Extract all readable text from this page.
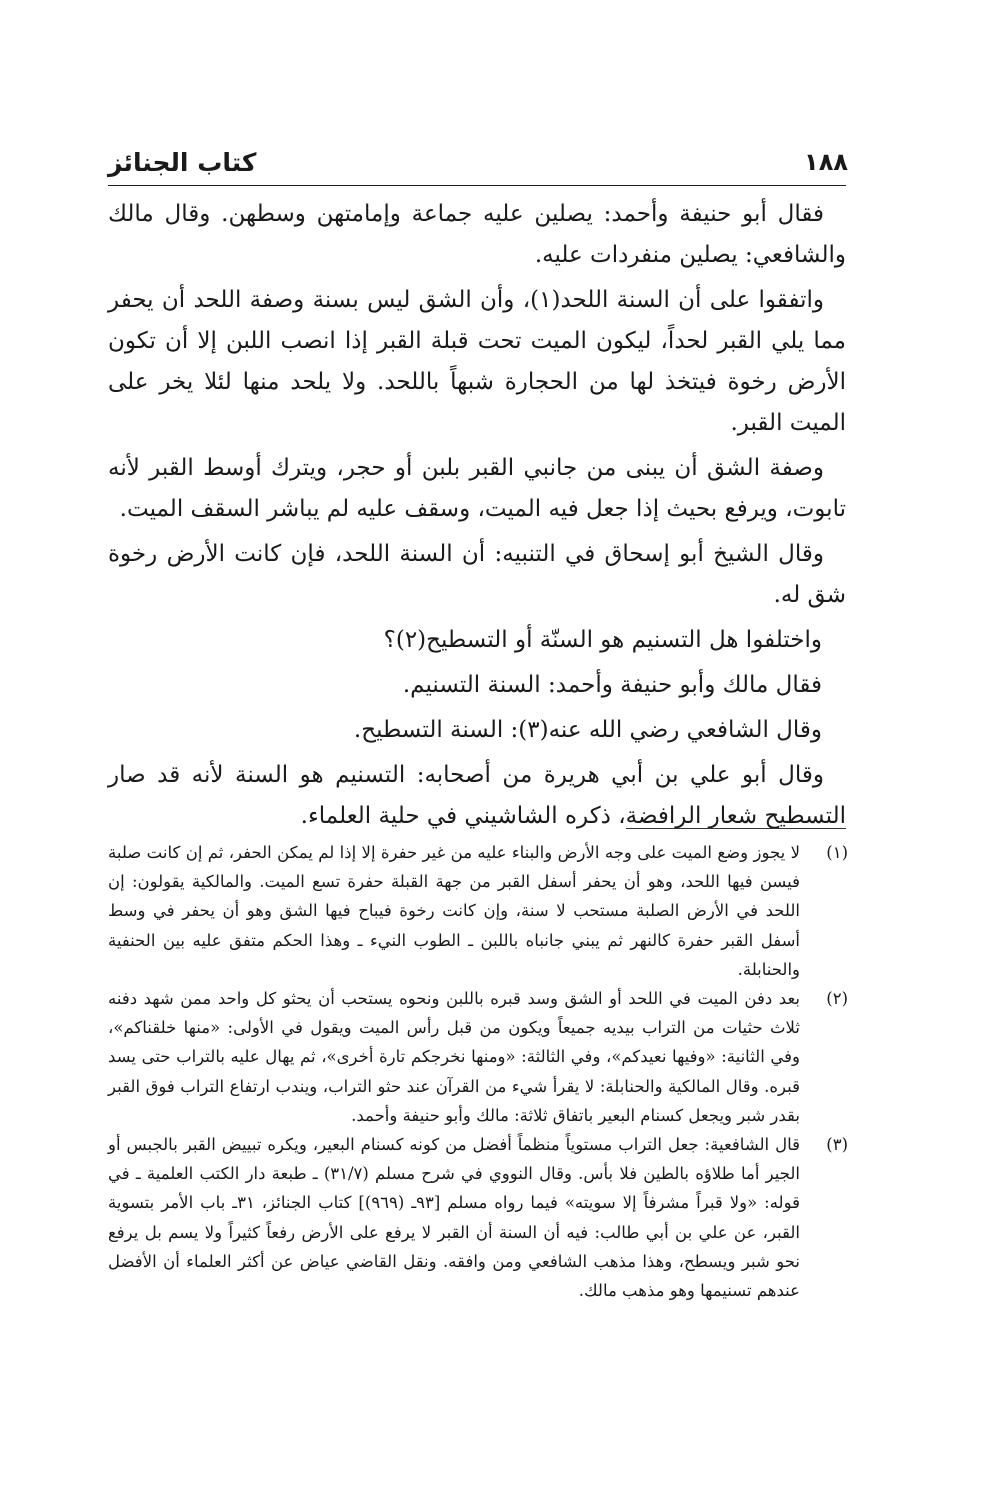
١٨٨
كتاب الجنائز

فقال أبو حنيفة وأحمد: يصلين عليه جماعة وإمامتهن وسطهن. وقال مالك والشافعي: يصلين منفردات عليه.

واتفقوا على أن السنة اللحد(١)، وأن الشق ليس بسنة وصفة اللحد أن يحفر مما يلي القبر لحداً، ليكون الميت تحت قبلة القبر إذا انصب اللبن إلا أن تكون الأرض رخوة فيتخذ لها من الحجارة شبهاً باللحد. ولا يلحد منها لئلا يخر على الميت القبر.

وصفة الشق أن يبنى من جانبي القبر بلبن أو حجر، ويترك أوسط القبر لأنه تابوت، ويرفع بحيث إذا جعل فيه الميت، وسقف عليه لم يباشر السقف الميت.

وقال الشيخ أبو إسحاق في التنبيه: أن السنة اللحد، فإن كانت الأرض رخوة شق له.

واختلفوا هل التسنيم هو السنّة أو التسطيح(٢)؟

فقال مالك وأبو حنيفة وأحمد: السنة التسنيم.

وقال الشافعي رضي الله عنه(٣): السنة التسطيح.

وقال أبو علي بن أبي هريرة من أصحابه: التسنيم هو السنة لأنه قد صار التسطيح شعار الرافضة، ذكره الشاشيني في حلية العلماء.

(١)
لا يجوز وضع الميت على وجه الأرض والبناء عليه من غير حفرة إلا إذا لم يمكن الحفر، ثم إن كانت صلبة فيسن فيها اللحد، وهو أن يحفر أسفل القبر من جهة القبلة حفرة تسع الميت. والمالكية يقولون: إن اللحد في الأرض الصلبة مستحب لا سنة، وإن كانت رخوة فيباح فيها الشق وهو أن يحفر في وسط أسفل القبر حفرة كالنهر ثم يبني جانباه باللبن ـ الطوب النيء ـ وهذا الحكم متفق عليه بين الحنفية والحنابلة.
(٢)
بعد دفن الميت في اللحد أو الشق وسد قبره باللبن ونحوه يستحب أن يحثو كل واحد ممن شهد دفنه ثلاث حثيات من التراب بيديه جميعاً ويكون من قبل رأس الميت ويقول في الأولى: «منها خلقناكم»، وفي الثانية: «وفيها نعيدكم»، وفي الثالثة: «ومنها نخرجكم تارة أخرى»، ثم يهال عليه بالتراب حتى يسد قبره. وقال المالكية والحنابلة: لا يقرأ شيء من القرآن عند حثو التراب، ويندب ارتفاع التراب فوق القبر بقدر شبر ويجعل كسنام البعير باتفاق ثلاثة: مالك وأبو حنيفة وأحمد.
(٣)
قال الشافعية: جعل التراب مستوياً منظماً أفضل من كونه كسنام البعير، ويكره تبييض القبر بالجبس أو الجير أما طلاؤه بالطين فلا بأس. وقال النووي في شرح مسلم (٣١/٧) ـ طبعة دار الكتب العلمية ـ في قوله: «ولا قبراً مشرفاً إلا سويته» فيما رواه مسلم [٩٣ـ (٩٦٩)] كتاب الجنائز، ٣١ـ باب الأمر بتسوية القبر، عن علي بن أبي طالب: فيه أن السنة أن القبر لا يرفع على الأرض رفعاً كثيراً ولا يسم بل يرفع نحو شبر ويسطح، وهذا مذهب الشافعي ومن وافقه. ونقل القاضي عياض عن أكثر العلماء أن الأفضل عندهم تسنيمها وهو مذهب مالك.
